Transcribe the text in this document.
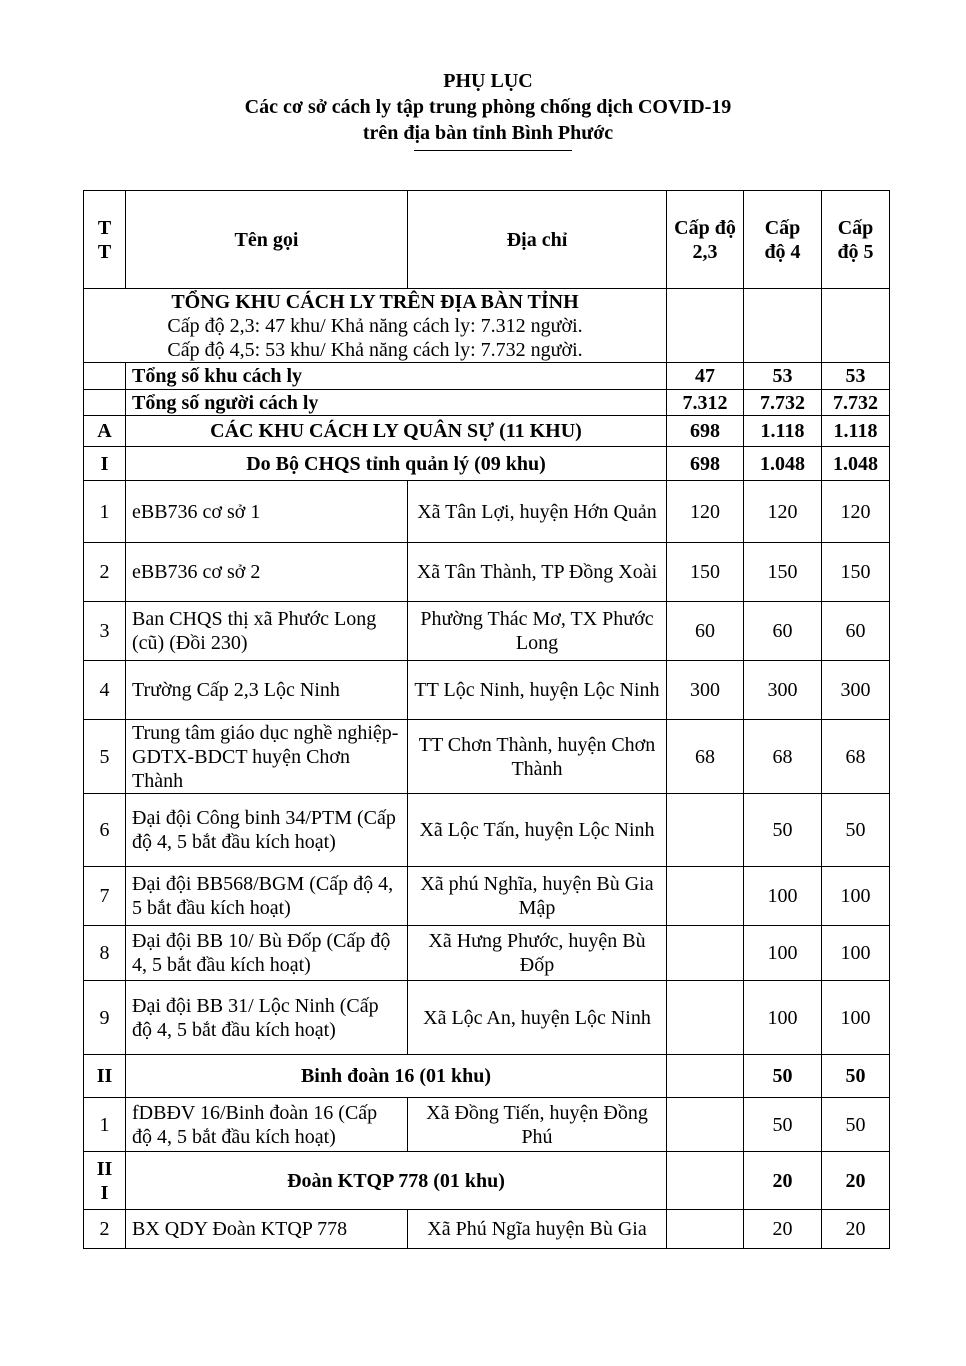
PHỤ LỤC
Các cơ sở cách ly tập trung phòng chống dịch COVID-19
trên địa bàn tỉnh Bình Phước
T T	Tên gọi	Địa chỉ	Cấp độ 2,3	Cấp độ 4	Cấp độ 5

TỔNG KHU CÁCH LY TRÊN ĐỊA BÀN TỈNH
Cấp độ 2,3: 47 khu/ Khả năng cách ly: 7.312 người.
Cấp độ 4,5: 53 khu/ Khả năng cách ly: 7.732 người.					

	Tổng số khu cách ly		47	53	53
	Tổng số người cách ly		7.312	7.732	7.732
A	CÁC KHU CÁCH LY QUÂN SỰ (11 KHU)		698	1.118	1.118
I	Do Bộ CHQS tỉnh quản lý (09 khu)		698	1.048	1.048
1	eBB736 cơ sở 1	Xã Tân Lợi, huyện Hớn Quản	120	120	120
2	eBB736 cơ sở 2	Xã Tân Thành, TP Đồng Xoài	150	150	150
3	Ban CHQS thị xã Phước Long (cũ) (Đồi 230)	Phường Thác Mơ, TX Phước Long	60	60	60
4	Trường Cấp 2,3 Lộc Ninh	TT Lộc Ninh, huyện Lộc Ninh	300	300	300
5	Trung tâm giáo dục nghề nghiệp-GDTX-BDCT huyện Chơn Thành	TT Chơn Thành, huyện Chơn Thành	68	68	68
6	Đại đội Công binh 34/PTM (Cấp độ 4, 5 bắt đầu kích hoạt)	Xã Lộc Tấn, huyện Lộc Ninh		50	50
7	Đại đội BB568/BGM (Cấp độ 4, 5 bắt đầu kích hoạt)	Xã phú Nghĩa, huyện Bù Gia Mập		100	100
8	Đại đội BB 10/ Bù Đốp (Cấp độ 4, 5 bắt đầu kích hoạt)	Xã Hưng Phước, huyện Bù Đốp		100	100
9	Đại đội BB 31/ Lộc Ninh (Cấp độ 4, 5 bắt đầu kích hoạt)	Xã Lộc An, huyện Lộc Ninh		100	100
II	Binh đoàn 16 (01 khu)			50	50
1	fDBĐV 16/Binh đoàn 16 (Cấp độ 4, 5 bắt đầu kích hoạt)	Xã Đồng Tiến, huyện Đồng Phú		50	50
II I	Đoàn KTQP 778 (01 khu)			20	20
2	BX QDY Đoàn KTQP 778	Xã Phú Ngĩa huyện Bù Gia		20	20
